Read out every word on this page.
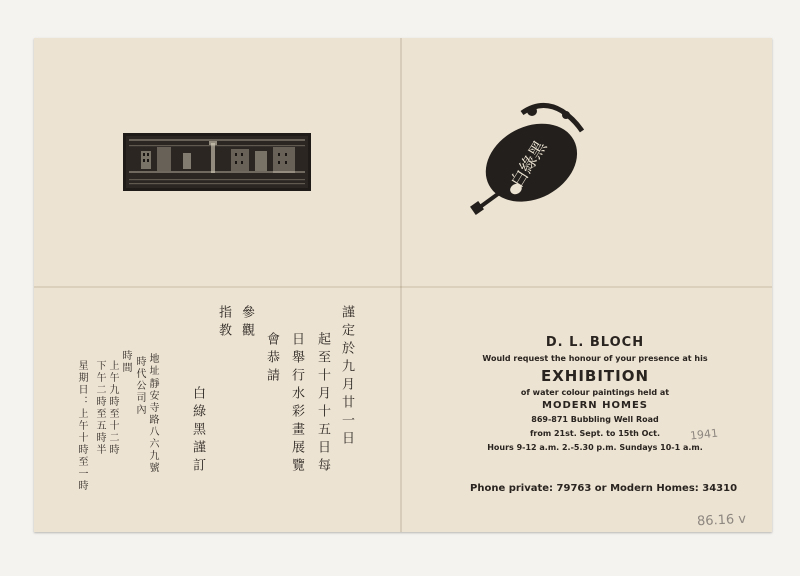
白綠黑
謹定於九月廿一日
起至十月十五日每
日舉行水彩畫展覽
會恭請
參觀
指教
白綠黑謹訂
地址
靜安寺路八六九號
時代公司內
時間
上午九時至十二時
下午二時至五時半
星期日：上午十時至一時
D. L. BLOCH
Would request the honour of your presence at his
EXHIBITION
of water colour paintings held at
MODERN HOMES
869-871 Bubbling Well Road
from 21st. Sept. to 15th Oct.
Hours 9-12 a.m. 2.-5.30 p.m. Sundays 10-1 a.m.
Phone private: 79763 or Modern Homes: 34310
1941
86.16 v
